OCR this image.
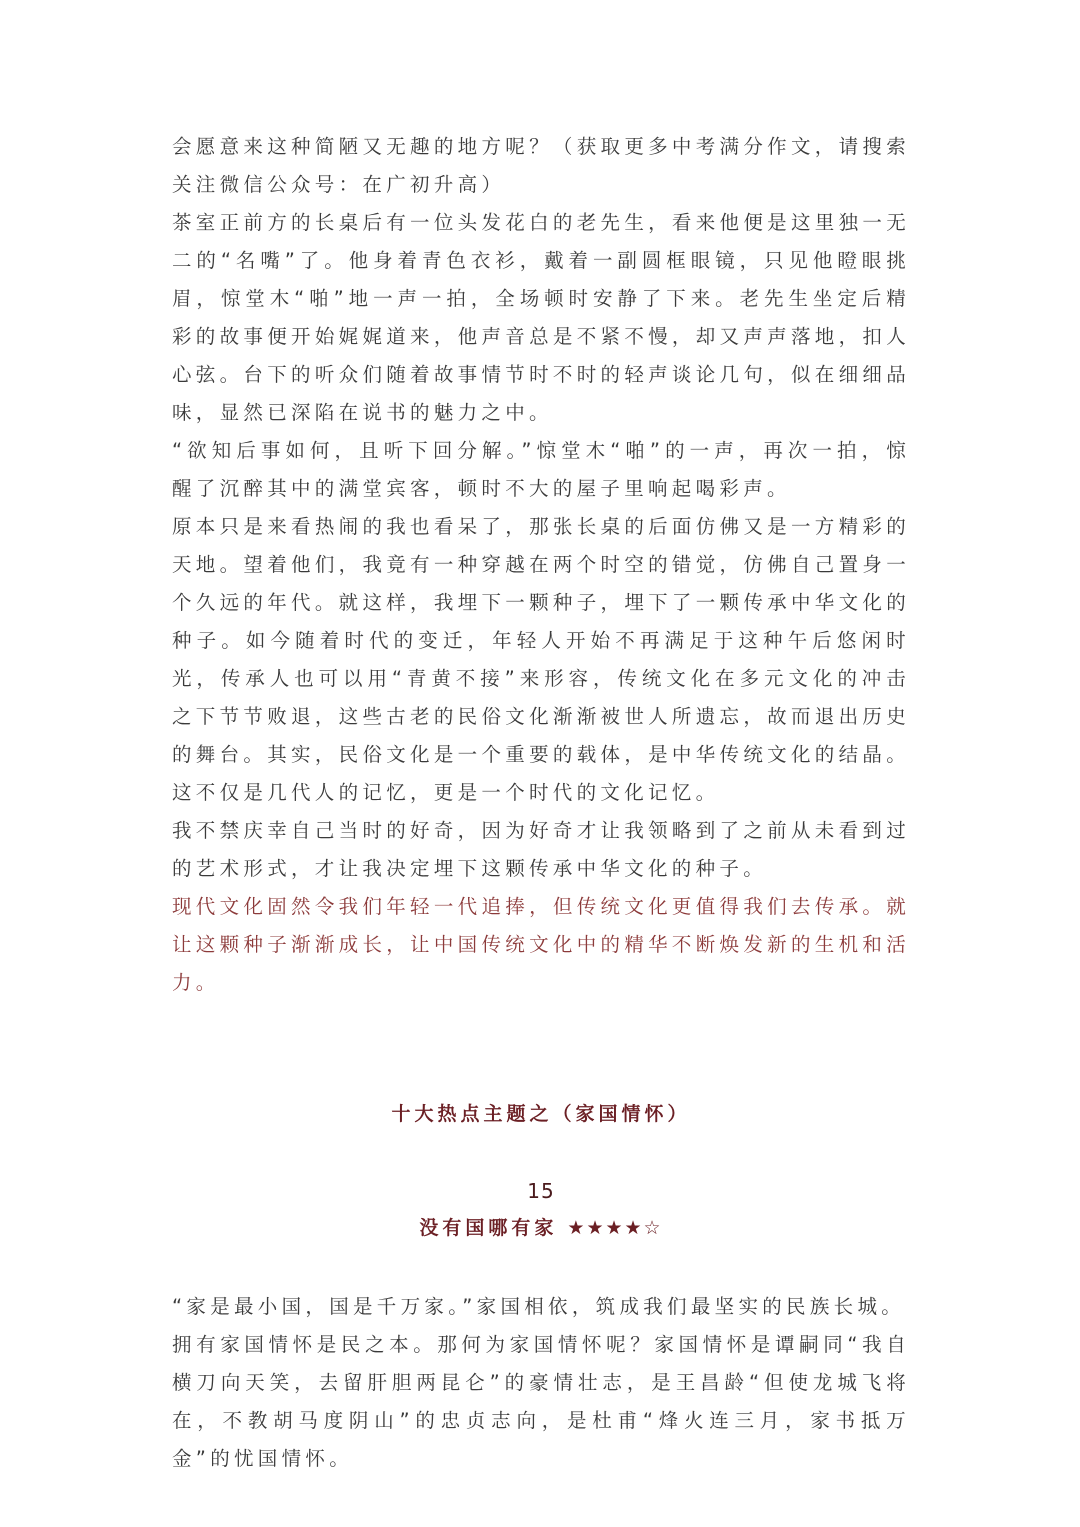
会愿意来这种简陋又无趣的地方呢？（获取更多中考满分作文，请搜索关注微信公众号：在广初升高）

茶室正前方的长桌后有一位头发花白的老先生，看来他便是这里独一无二的“名嘴”了。他身着青色衣衫，戴着一副圆框眼镜，只见他瞪眼挑眉，惊堂木“啪”地一声一拍，全场顿时安静了下来。老先生坐定后精彩的故事便开始娓娓道来，他声音总是不紧不慢，却又声声落地，扣人心弦。台下的听众们随着故事情节时不时的轻声谈论几句，似在细细品味，显然已深陷在说书的魅力之中。

“欲知后事如何，且听下回分解。”惊堂木“啪”的一声，再次一拍，惊醒了沉醉其中的满堂宾客，顿时不大的屋子里响起喝彩声。

原本只是来看热闹的我也看呆了，那张长桌的后面仿佛又是一方精彩的天地。望着他们，我竟有一种穿越在两个时空的错觉，仿佛自己置身一个久远的年代。就这样，我埋下一颗种子，埋下了一颗传承中华文化的种子。如今随着时代的变迁，年轻人开始不再满足于这种午后悠闲时光，传承人也可以用“青黄不接”来形容，传统文化在多元文化的冲击之下节节败退，这些古老的民俗文化渐渐被世人所遗忘，故而退出历史的舞台。其实，民俗文化是一个重要的载体，是中华传统文化的结晶。这不仅是几代人的记忆，更是一个时代的文化记忆。

我不禁庆幸自己当时的好奇，因为好奇才让我领略到了之前从未看到过的艺术形式，才让我决定埋下这颗传承中华文化的种子。

现代文化固然令我们年轻一代追捧，但传统文化更值得我们去传承。就让这颗种子渐渐成长，让中国传统文化中的精华不断焕发新的生机和活力。

十大热点主题之（家国情怀）
15
没有国哪有家 ★★★★☆

“家是最小国，国是千万家。”家国相依，筑成我们最坚实的民族长城。

拥有家国情怀是民之本。那何为家国情怀呢？家国情怀是谭嗣同“我自横刀向天笑，去留肝胆两昆仑”的豪情壮志，是王昌龄“但使龙城飞将在，不教胡马度阴山”的忠贞志向，是杜甫“烽火连三月，家书抵万金”的忧国情怀。
